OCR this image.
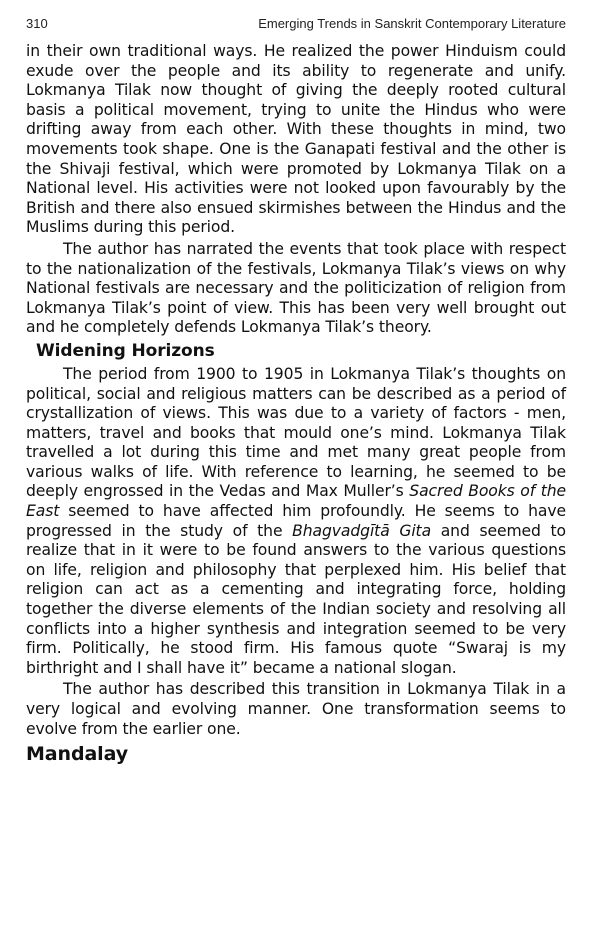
310	Emerging Trends in Sanskrit Contemporary Literature

in their own traditional ways. He realized the power Hinduism could exude over the people and its ability to regenerate and unify. Lokmanya Tilak now thought of giving the deeply rooted cultural basis a political movement, trying to unite the Hindus who were drifting away from each other. With these thoughts in mind, two movements took shape. One is the Ganapati festival and the other is the Shivaji festival, which were promoted by Lokmanya Tilak on a National level. His activities were not looked upon favourably by the British and there also ensued skirmishes between the Hindus and the Muslims during this period.

The author has narrated the events that took place with respect to the nationalization of the festivals, Lokmanya Tilak’s views on why National festivals are necessary and the politicization of religion from Lokmanya Tilak’s point of view. This has been very well brought out and he completely defends Lokmanya Tilak’s theory.

Widening Horizons

The period from 1900 to 1905 in Lokmanya Tilak’s thoughts on political, social and religious matters can be described as a period of crystallization of views. This was due to a variety of factors - men, matters, travel and books that mould one’s mind. Lokmanya Tilak travelled a lot during this time and met many great people from various walks of life. With reference to learning, he seemed to be deeply engrossed in the Vedas and Max Muller’s Sacred Books of the East seemed to have affected him profoundly. He seems to have progressed in the study of the Bhagvadgītā Gita and seemed to realize that in it were to be found answers to the various questions on life, religion and philosophy that perplexed him. His belief that religion can act as a cementing and integrating force, holding together the diverse elements of the Indian society and resolving all conflicts into a higher synthesis and integration seemed to be very firm. Politically, he stood firm. His famous quote “Swaraj is my birthright and I shall have it” became a national slogan.

The author has described this transition in Lokmanya Tilak in a very logical and evolving manner. One transformation seems to evolve from the earlier one.

Mandalay
